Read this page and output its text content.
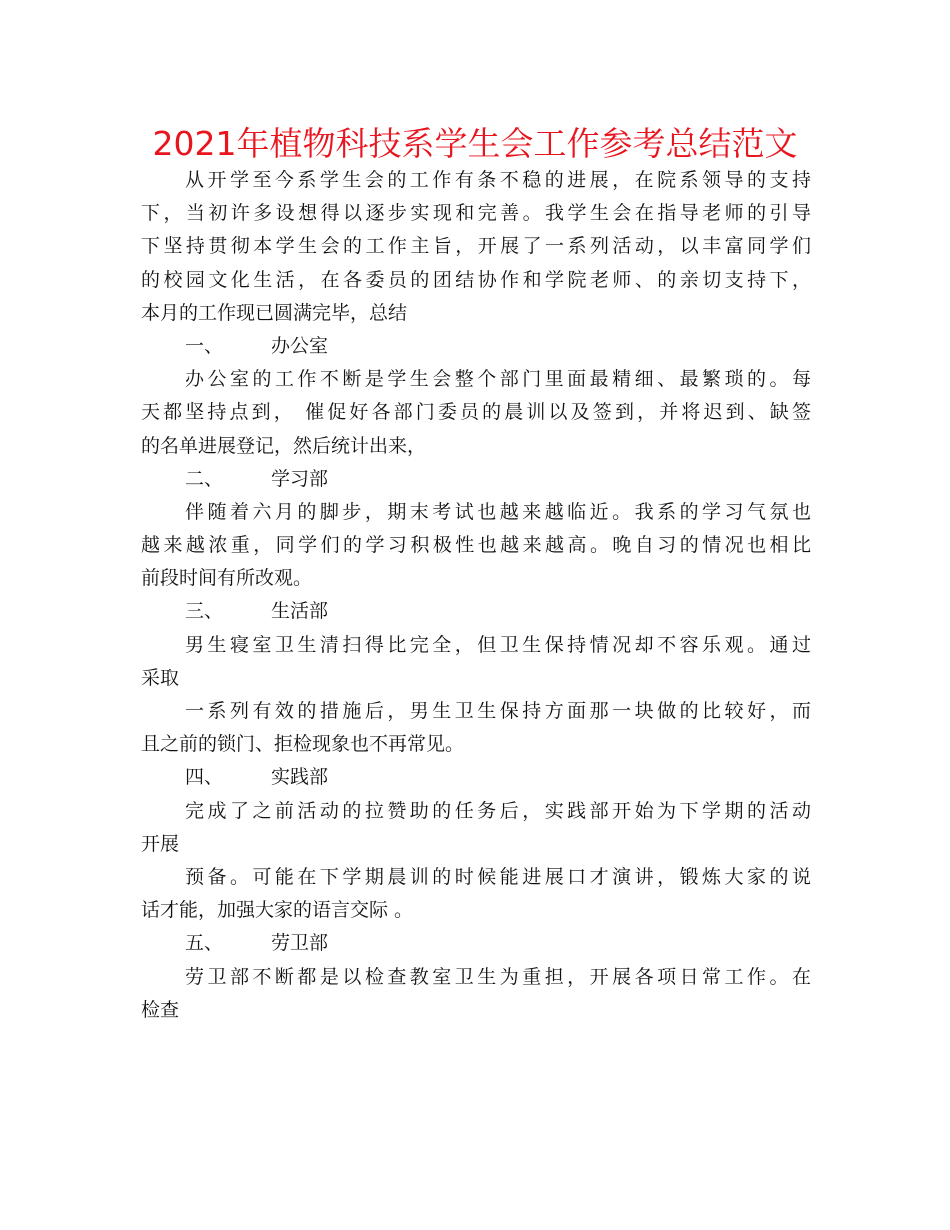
2021年植物科技系学生会工作参考总结范文
从开学至今系学生会的工作有条不稳的进展，在院系领导的支持
下，当初许多设想得以逐步实现和完善。我学生会在指导老师的引导
下坚持贯彻本学生会的工作主旨，开展了一系列活动，以丰富同学们
的校园文化生活，在各委员的团结协作和学院老师、的亲切支持下，
本月的工作现已圆满完毕，总结
一、	办公室
办公室的工作不断是学生会整个部门里面最精细、最繁琐的。每
天都坚持点到， 催促好各部门委员的晨训以及签到，并将迟到、缺签
的名单进展登记，然后统计出来，
二、	学习部
伴随着六月的脚步，期末考试也越来越临近。我系的学习气氛也
越来越浓重，同学们的学习积极性也越来越高。晚自习的情况也相比
前段时间有所改观。
三、	生活部
男生寝室卫生清扫得比完全，但卫生保持情况却不容乐观。通过
采取
一系列有效的措施后，男生卫生保持方面那一块做的比较好，而
且之前的锁门、拒检现象也不再常见。
四、	实践部
完成了之前活动的拉赞助的任务后，实践部开始为下学期的活动
开展
预备。可能在下学期晨训的时候能进展口才演讲，锻炼大家的说
话才能，加强大家的语言交际 。
五、	劳卫部
劳卫部不断都是以检查教室卫生为重担，开展各项日常工作。在
检查
